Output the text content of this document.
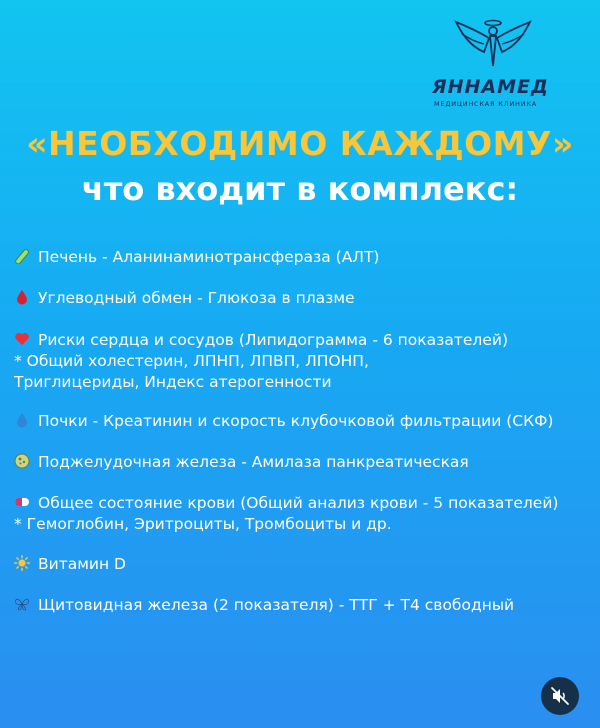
ЯННАМЕД
МЕДИЦИНСКАЯ КЛИНИКА
«НЕОБХОДИМО КАЖДОМУ»
что входит в комплекс:
Печень - Аланинаминотрансфераза (АЛТ)
Углеводный обмен - Глюкоза в плазме
Риски сердца и сосудов (Липидограмма - 6 показателей)
* Общий холестерин, ЛПНП, ЛПВП, ЛПОНП,
Триглицериды, Индекс атерогенности
Почки - Креатинин и скорость клубочковой фильтрации (СКФ)
Поджелудочная железа - Амилаза панкреатическая
Общее состояние крови (Общий анализ крови - 5 показателей)
* Гемоглобин, Эритроциты, Тромбоциты и др.
Витамин D
Щитовидная железа (2 показателя) - ТТГ + Т4 свободный
